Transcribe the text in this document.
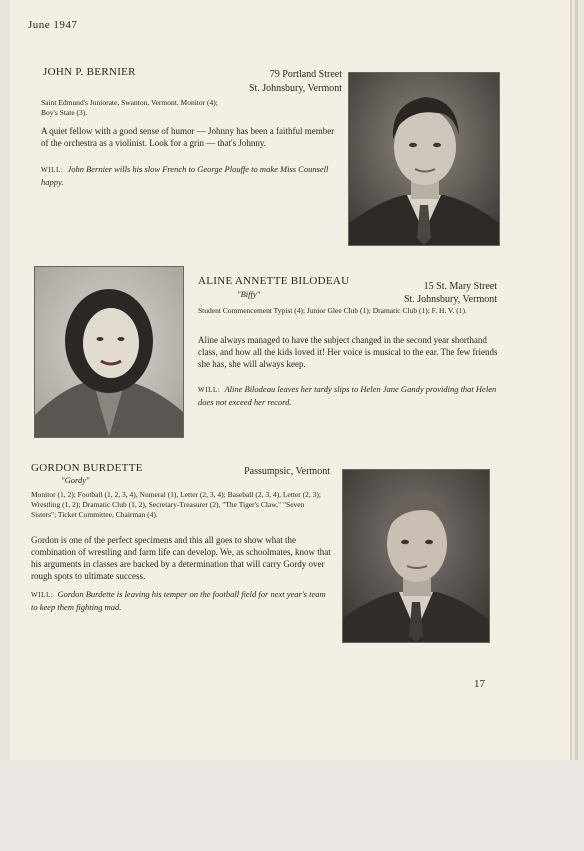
June 1947
JOHN P. BERNIER	79 Portland Street
St. Johnsbury, Vermont
Saint Edmund's Juniorate, Swanton, Vermont. Monitor (4); Boy's State (3).
A quiet fellow with a good sense of humor — Johnny has been a faithful member of the orchestra as a violinist. Look for a grin — that's Johnny.
WILL: John Bernier wills his slow French to George Plouffe to make Miss Counsell happy.
ALINE ANNETTE BILODEAU
"Biffy"
15 St. Mary Street
St. Johnsbury, Vermont
Student Commencement Typist (4); Junior Glee Club (1); Dramatic Club (1); F. H. V. (1).
Aline always managed to have the subject changed in the second year shorthand class, and how all the kids loved it! Her voice is musical to the ear. The few friends she has, she will always keep.
WILL: Aline Bilodeau leaves her tardy slips to Helen Jane Gandy providing that Helen does not exceed her record.
GORDON BURDETTE
"Gordy"
Passumpsic, Vermont
Monitor (1, 2); Football (1, 2, 3, 4), Numeral (1), Letter (2, 3, 4); Baseball (2, 3, 4), Letter (2, 3); Wrestling (1, 2); Dramatic Club (1, 2), Secretary-Treasurer (2), "The Tiger's Claw," "Seven Sisters"; Ticket Committee, Chairman (4).
Gordon is one of the perfect specimens and this all goes to show what the combination of wrestling and farm life can develop. We, as schoolmates, know that his arguments in classes are backed by a determination that will carry Gordy over rough spots to ultimate success.
WILL: Gordon Burdette is leaving his temper on the football field for next year's team to keep them fighting mad.
17
